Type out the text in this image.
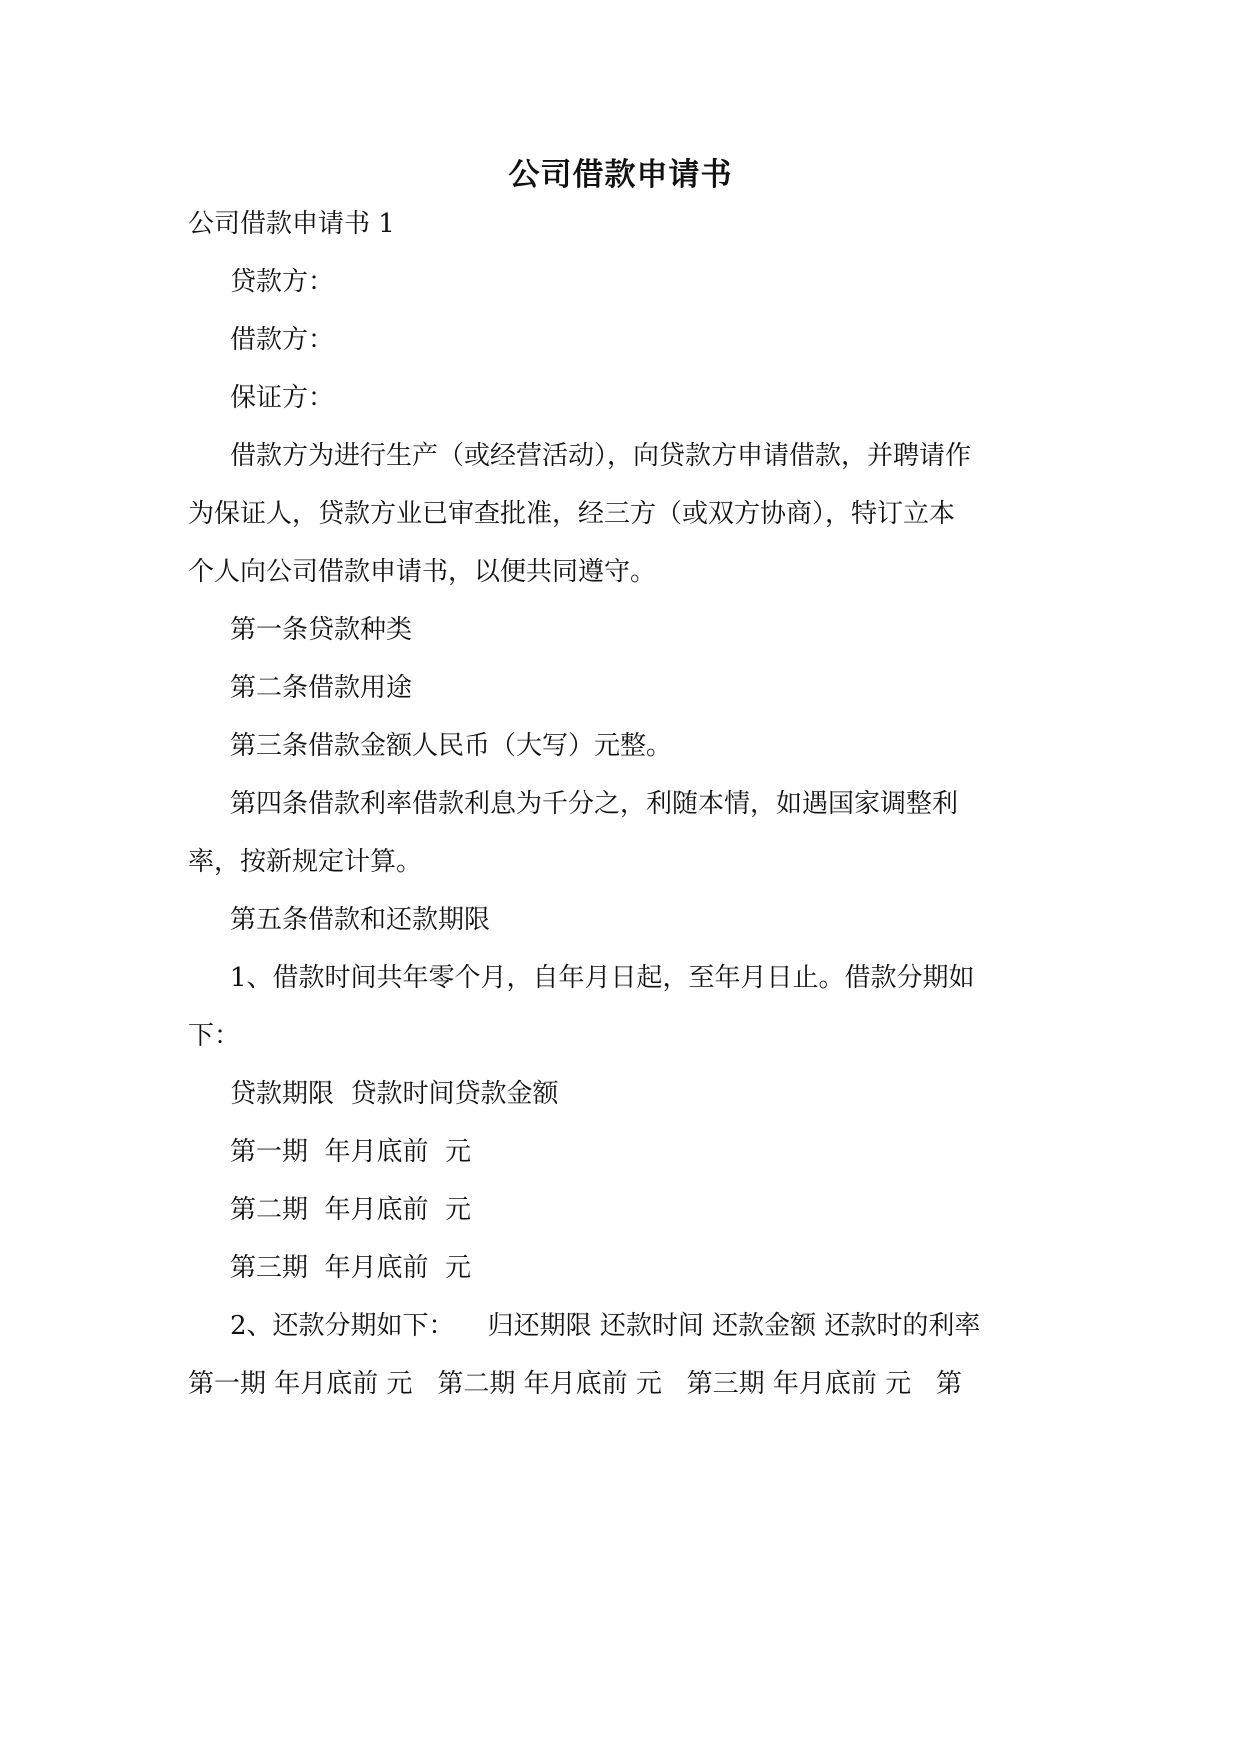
公司借款申请书
公司借款申请书 1
贷款方：
借款方：
保证方：
借款方为进行生产（或经营活动），向贷款方申请借款，并聘请作
为保证人，贷款方业已审查批准，经三方（或双方协商），特订立本
个人向公司借款申请书，以便共同遵守。
第一条贷款种类
第二条借款用途
第三条借款金额人民币（大写）元整。
第四条借款利率借款利息为千分之，利随本情，如遇国家调整利
率，按新规定计算。
第五条借款和还款期限
1、借款时间共年零个月，自年月日起，至年月日止。借款分期如
下：
贷款期限  贷款时间贷款金额
第一期  年月底前  元
第二期  年月底前  元
第三期  年月底前  元
2、还款分期如下：    归还期限 还款时间 还款金额 还款时的利率
第一期 年月底前 元   第二期 年月底前 元   第三期 年月底前 元   第
